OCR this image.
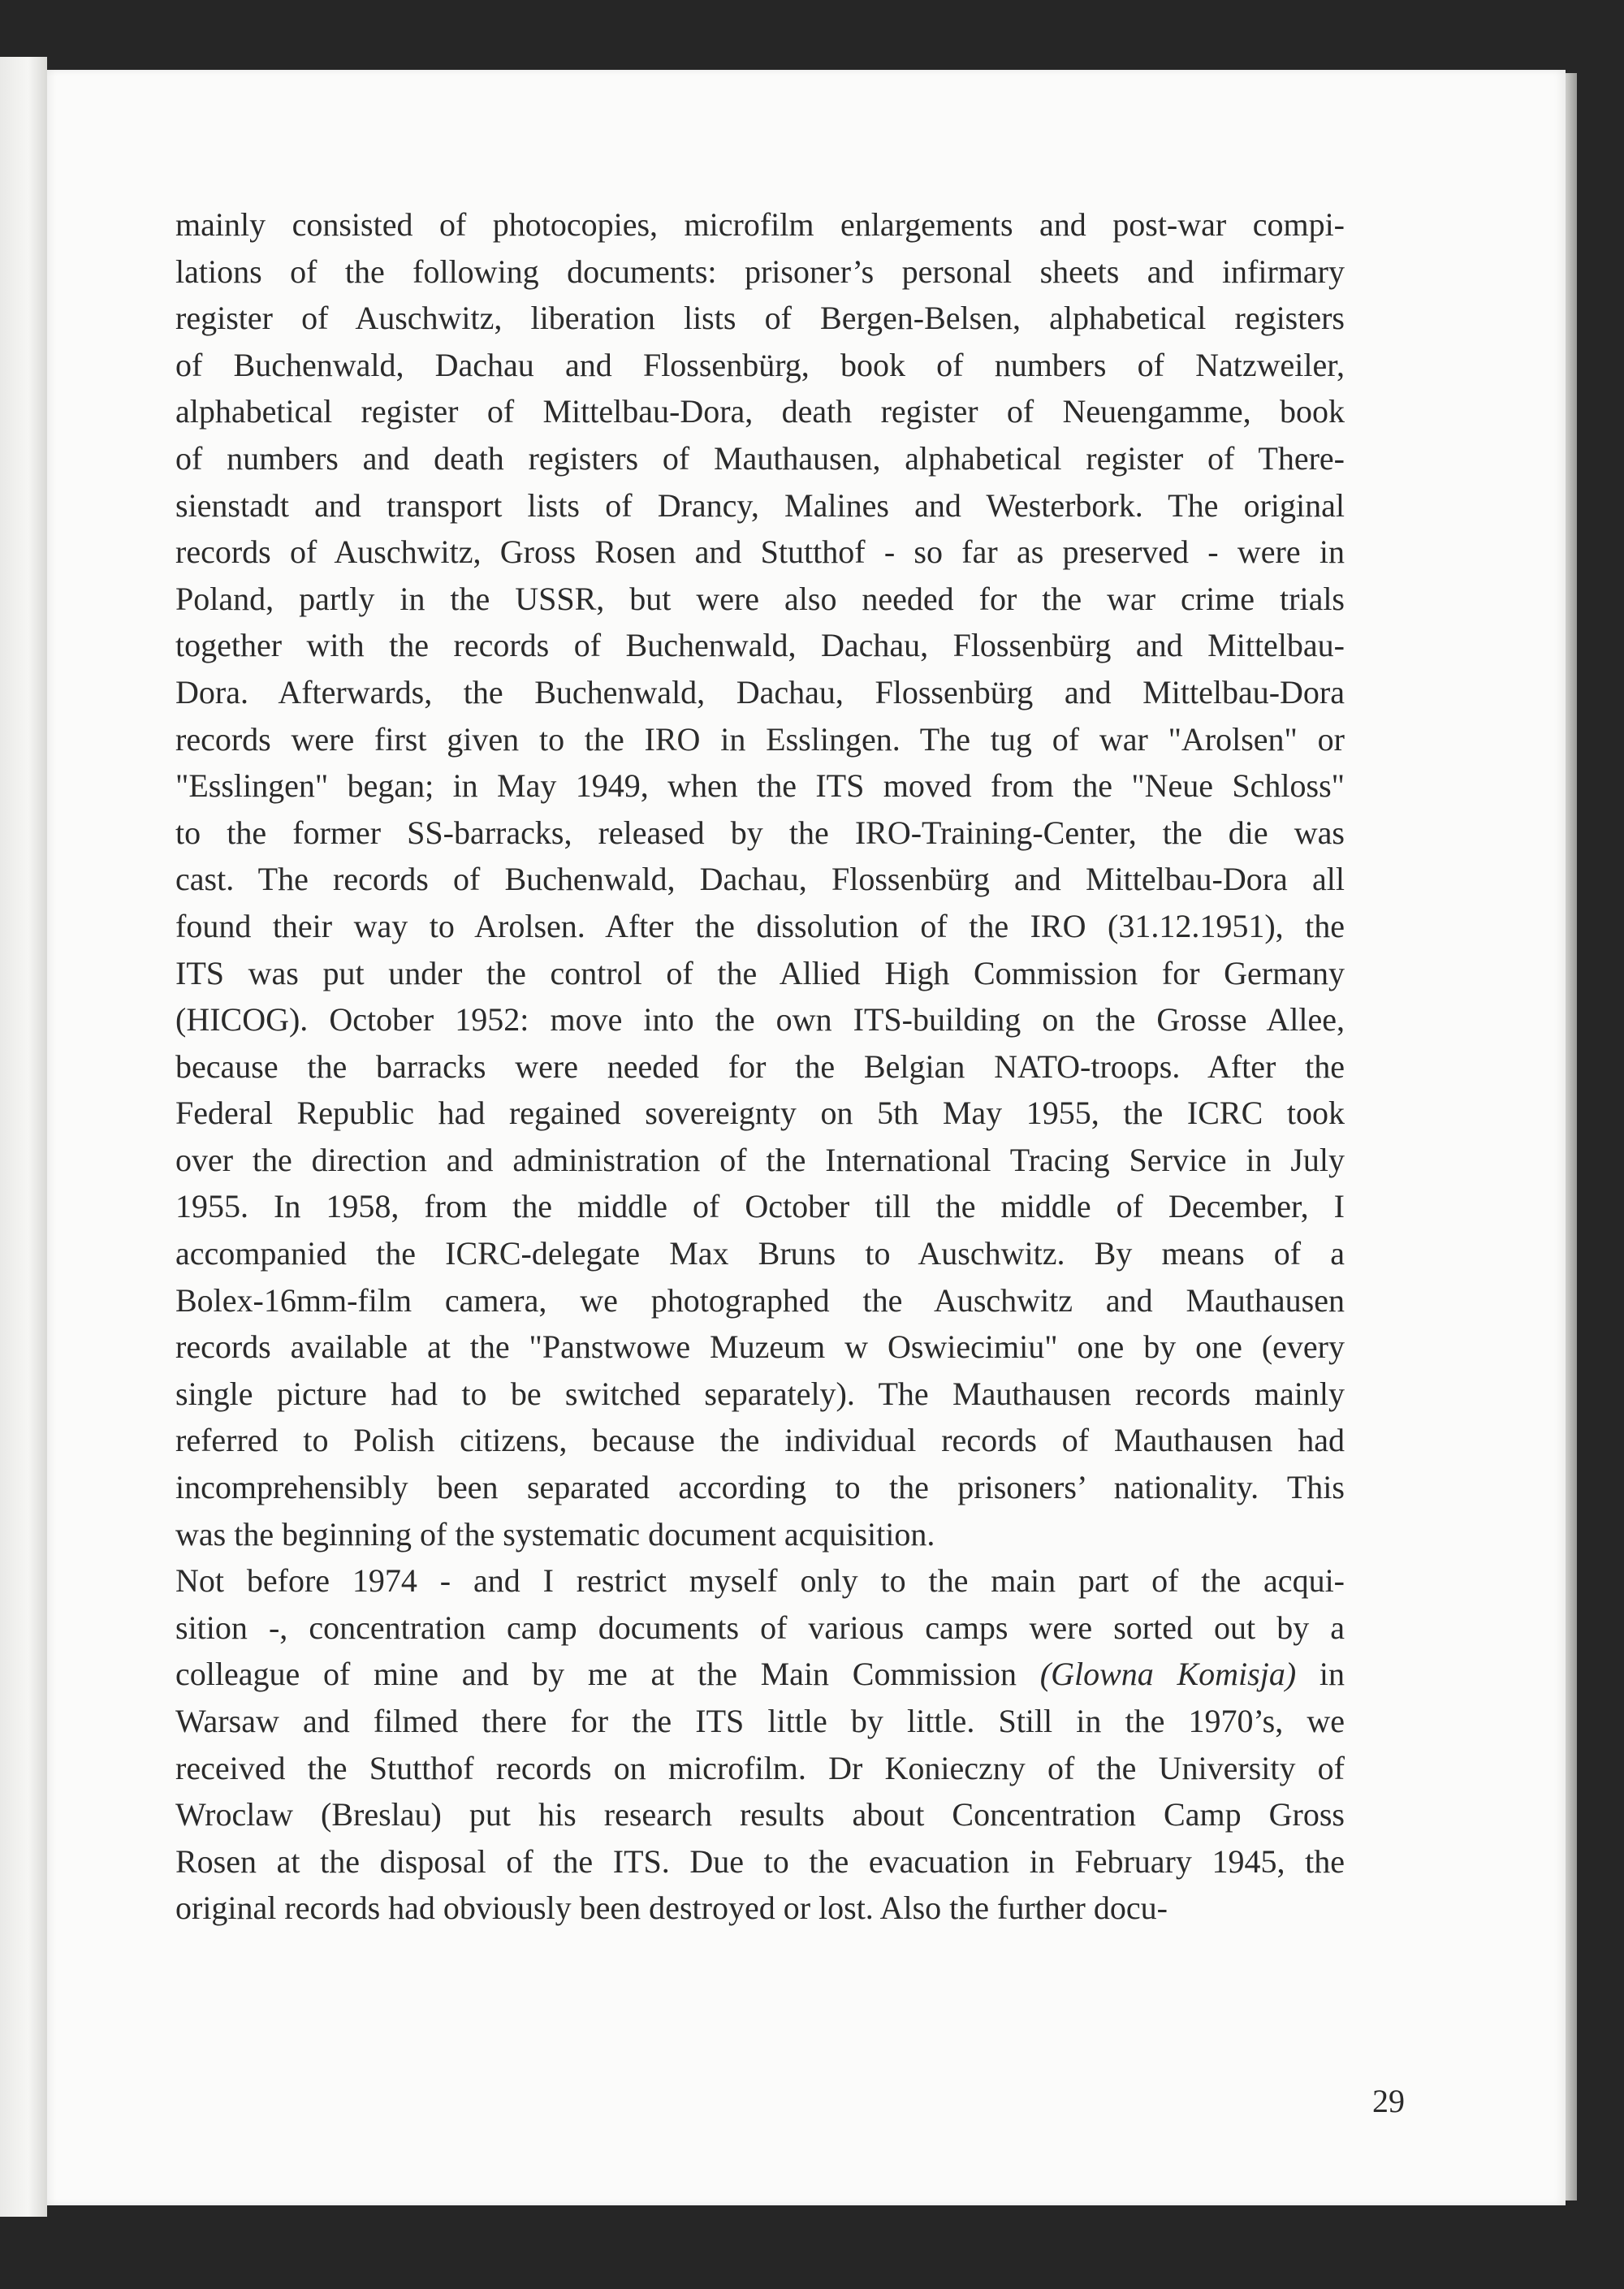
mainly consisted of photocopies, microfilm enlargements and post-war compi-
lations of the following documents: prisoner’s personal sheets and infirmary
register of Auschwitz, liberation lists of Bergen-Belsen, alphabetical registers
of Buchenwald, Dachau and Flossenbürg, book of numbers of Natzweiler,
alphabetical register of Mittelbau-Dora, death register of Neuengamme, book
of numbers and death registers of Mauthausen, alphabetical register of There-
sienstadt and transport lists of Drancy, Malines and Westerbork. The original
records of Auschwitz, Gross Rosen and Stutthof - so far as preserved - were in
Poland, partly in the USSR, but were also needed for the war crime trials
together with the records of Buchenwald, Dachau, Flossenbürg and Mittelbau-
Dora. Afterwards, the Buchenwald, Dachau, Flossenbürg and Mittelbau-Dora
records were first given to the IRO in Esslingen. The tug of war "Arolsen" or
"Esslingen" began; in May 1949, when the ITS moved from the "Neue Schloss"
to the former SS-barracks, released by the IRO-Training-Center, the die was
cast. The records of Buchenwald, Dachau, Flossenbürg and Mittelbau-Dora all
found their way to Arolsen. After the dissolution of the IRO (31.12.1951), the
ITS was put under the control of the Allied High Commission for Germany
(HICOG). October 1952: move into the own ITS-building on the Grosse Allee,
because the barracks were needed for the Belgian NATO-troops. After the
Federal Republic had regained sovereignty on 5th May 1955, the ICRC took
over the direction and administration of the International Tracing Service in July
1955. In 1958, from the middle of October till the middle of December, I
accompanied the ICRC-delegate Max Bruns to Auschwitz. By means of a
Bolex-16mm-film camera, we photographed the Auschwitz and Mauthausen
records available at the "Panstwowe Muzeum w Oswiecimiu" one by one (every
single picture had to be switched separately). The Mauthausen records mainly
referred to Polish citizens, because the individual records of Mauthausen had
incomprehensibly been separated according to the prisoners’ nationality. This
was the beginning of the systematic document acquisition.
Not before 1974 - and I restrict myself only to the main part of the acqui-
sition -, concentration camp documents of various camps were sorted out by a
colleague of mine and by me at the Main Commission (Glowna Komisja) in
Warsaw and filmed there for the ITS little by little. Still in the 1970’s, we
received the Stutthof records on microfilm. Dr Konieczny of the University of
Wroclaw (Breslau) put his research results about Concentration Camp Gross
Rosen at the disposal of the ITS. Due to the evacuation in February 1945, the
original records had obviously been destroyed or lost. Also the further docu-
29
